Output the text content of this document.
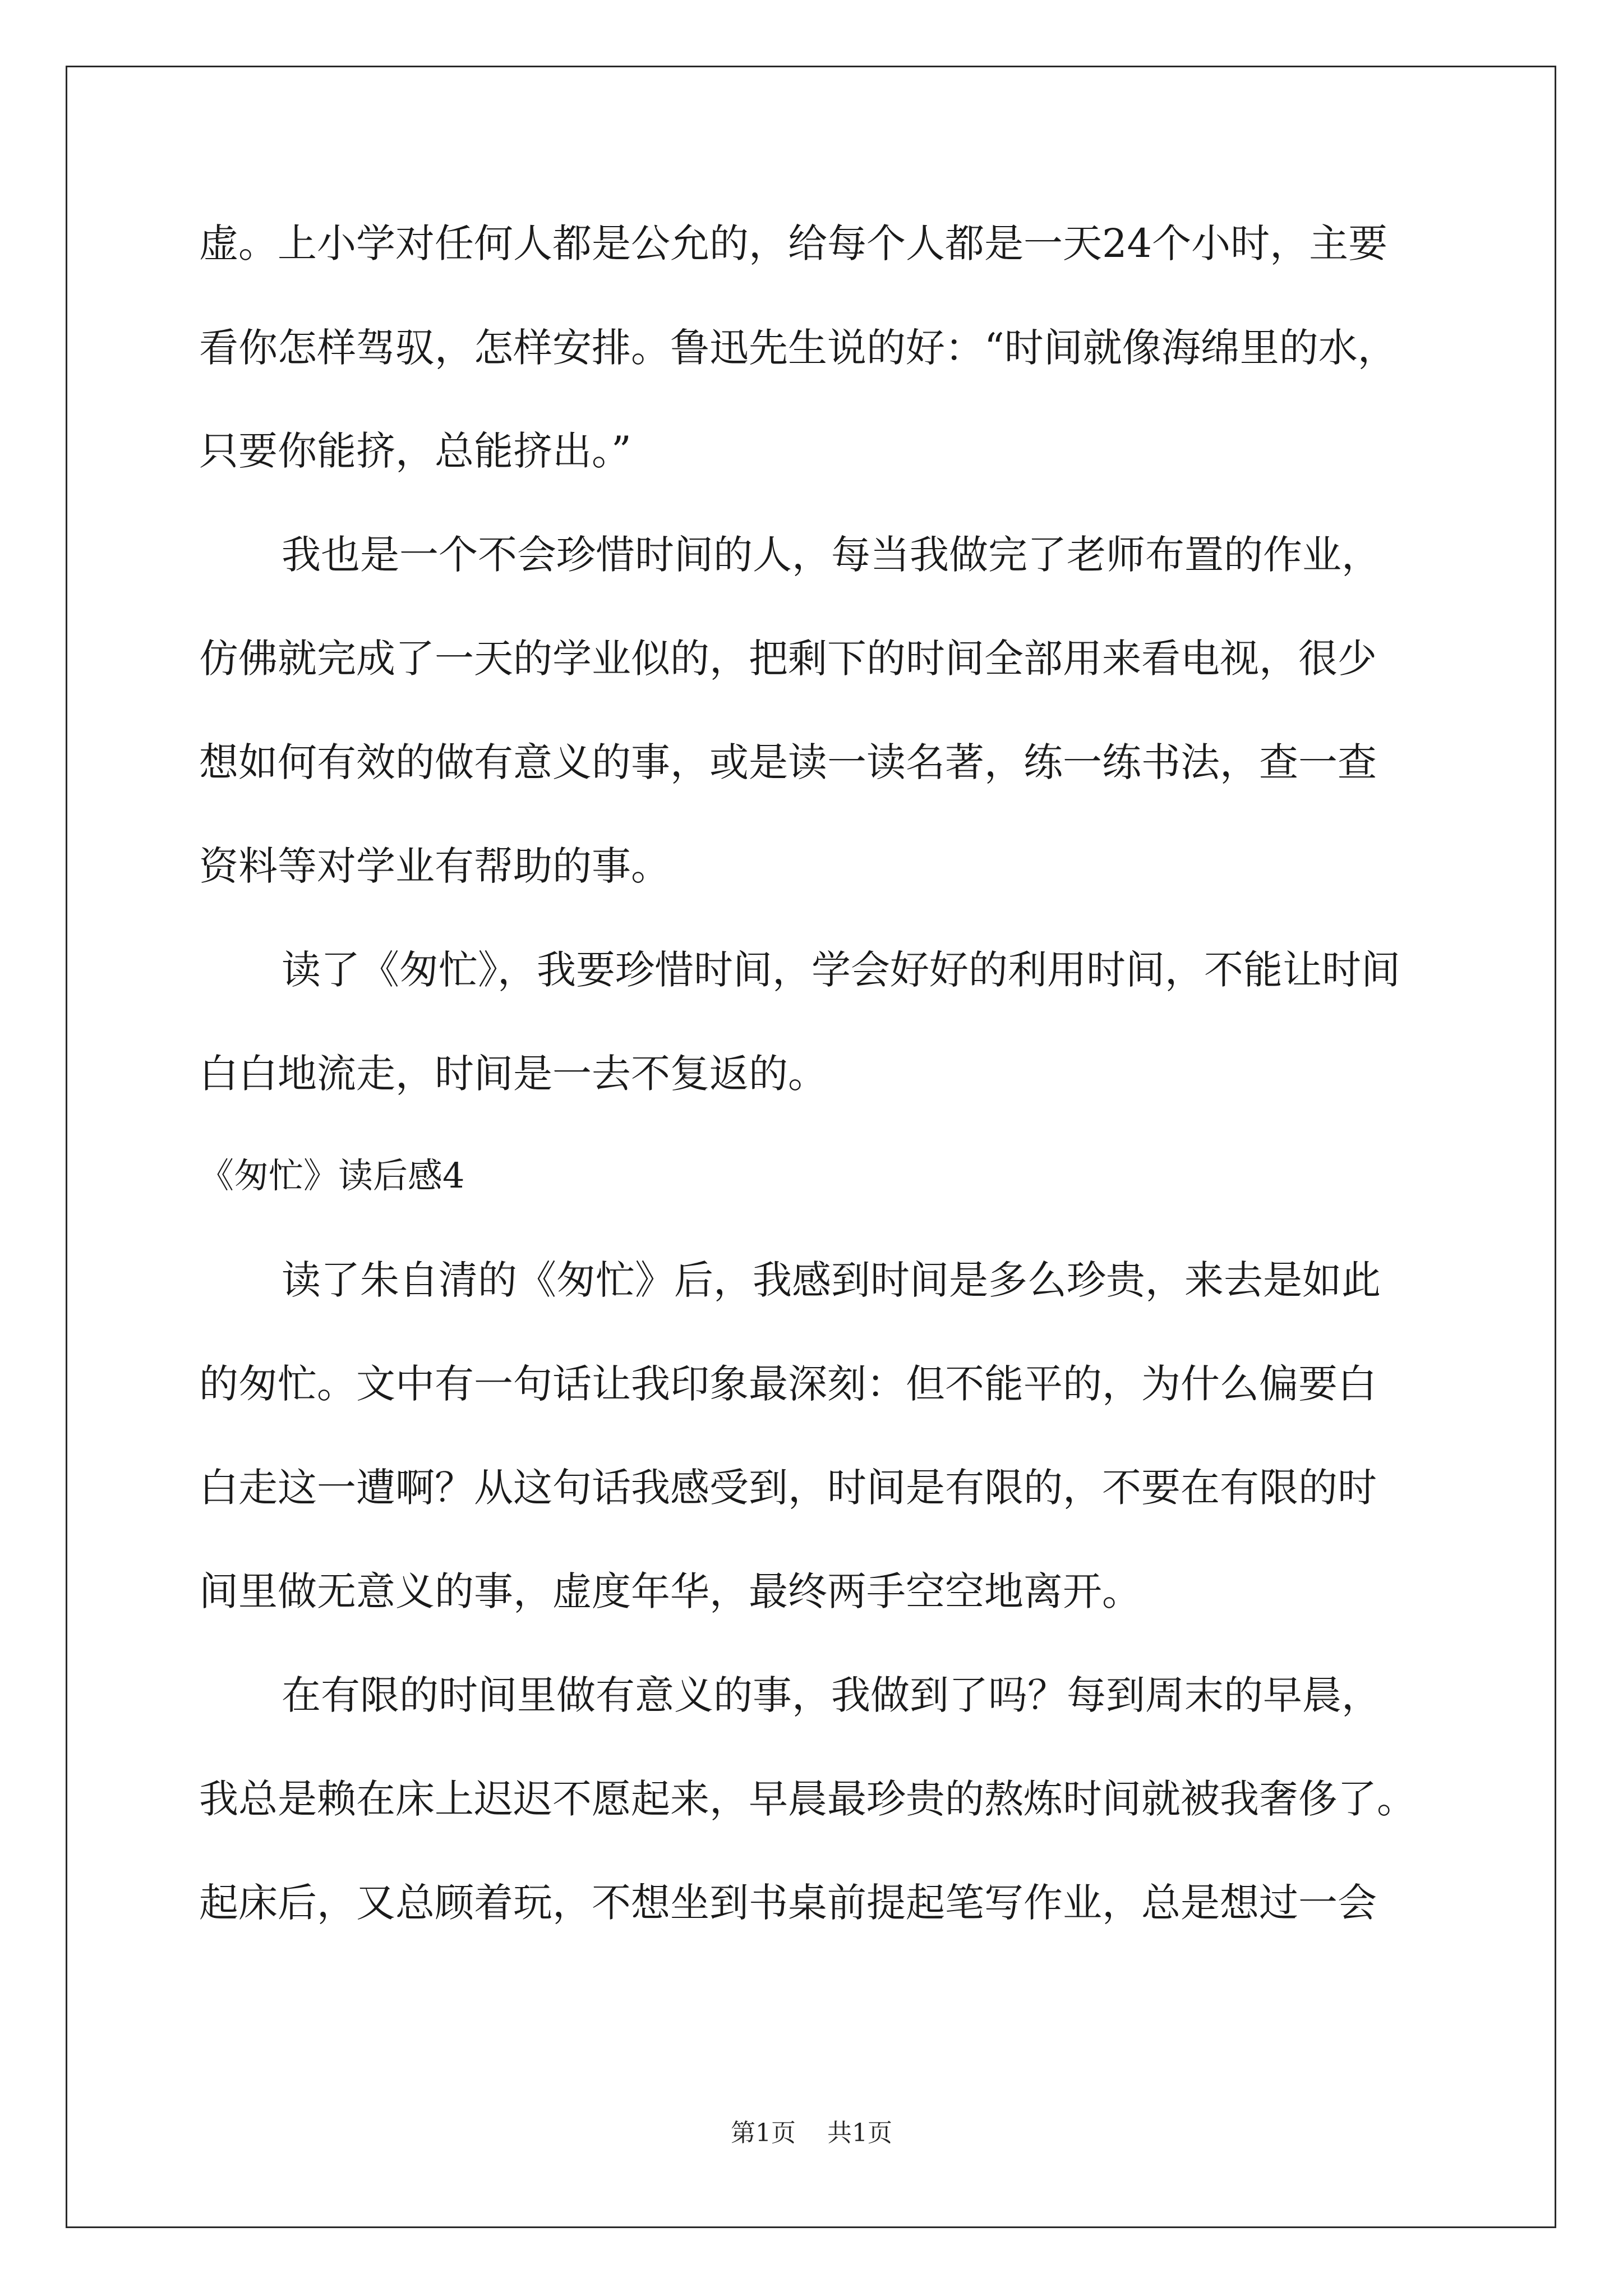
虚。上小学对任何人都是公允的，给每个人都是一天24个小时，主要
看你怎样驾驭，怎样安排。鲁迅先生说的好：“时间就像海绵里的水，
只要你能挤，总能挤出。”
我也是一个不会珍惜时间的人，每当我做完了老师布置的作业，
仿佛就完成了一天的学业似的，把剩下的时间全部用来看电视，很少
想如何有效的做有意义的事，或是读一读名著，练一练书法，查一查
资料等对学业有帮助的事。
读了《匆忙》，我要珍惜时间，学会好好的利用时间，不能让时间
白白地流走，时间是一去不复返的。
《匆忙》读后感4
读了朱自清的《匆忙》后，我感到时间是多么珍贵，来去是如此
的匆忙。文中有一句话让我印象最深刻：但不能平的，为什么偏要白
白走这一遭啊？从这句话我感受到，时间是有限的，不要在有限的时
间里做无意义的事，虚度年华，最终两手空空地离开。
在有限的时间里做有意义的事，我做到了吗？每到周末的早晨，
我总是赖在床上迟迟不愿起来，早晨最珍贵的熬炼时间就被我奢侈了。
起床后，又总顾着玩，不想坐到书桌前提起笔写作业，总是想过一会
第1页 共1页
